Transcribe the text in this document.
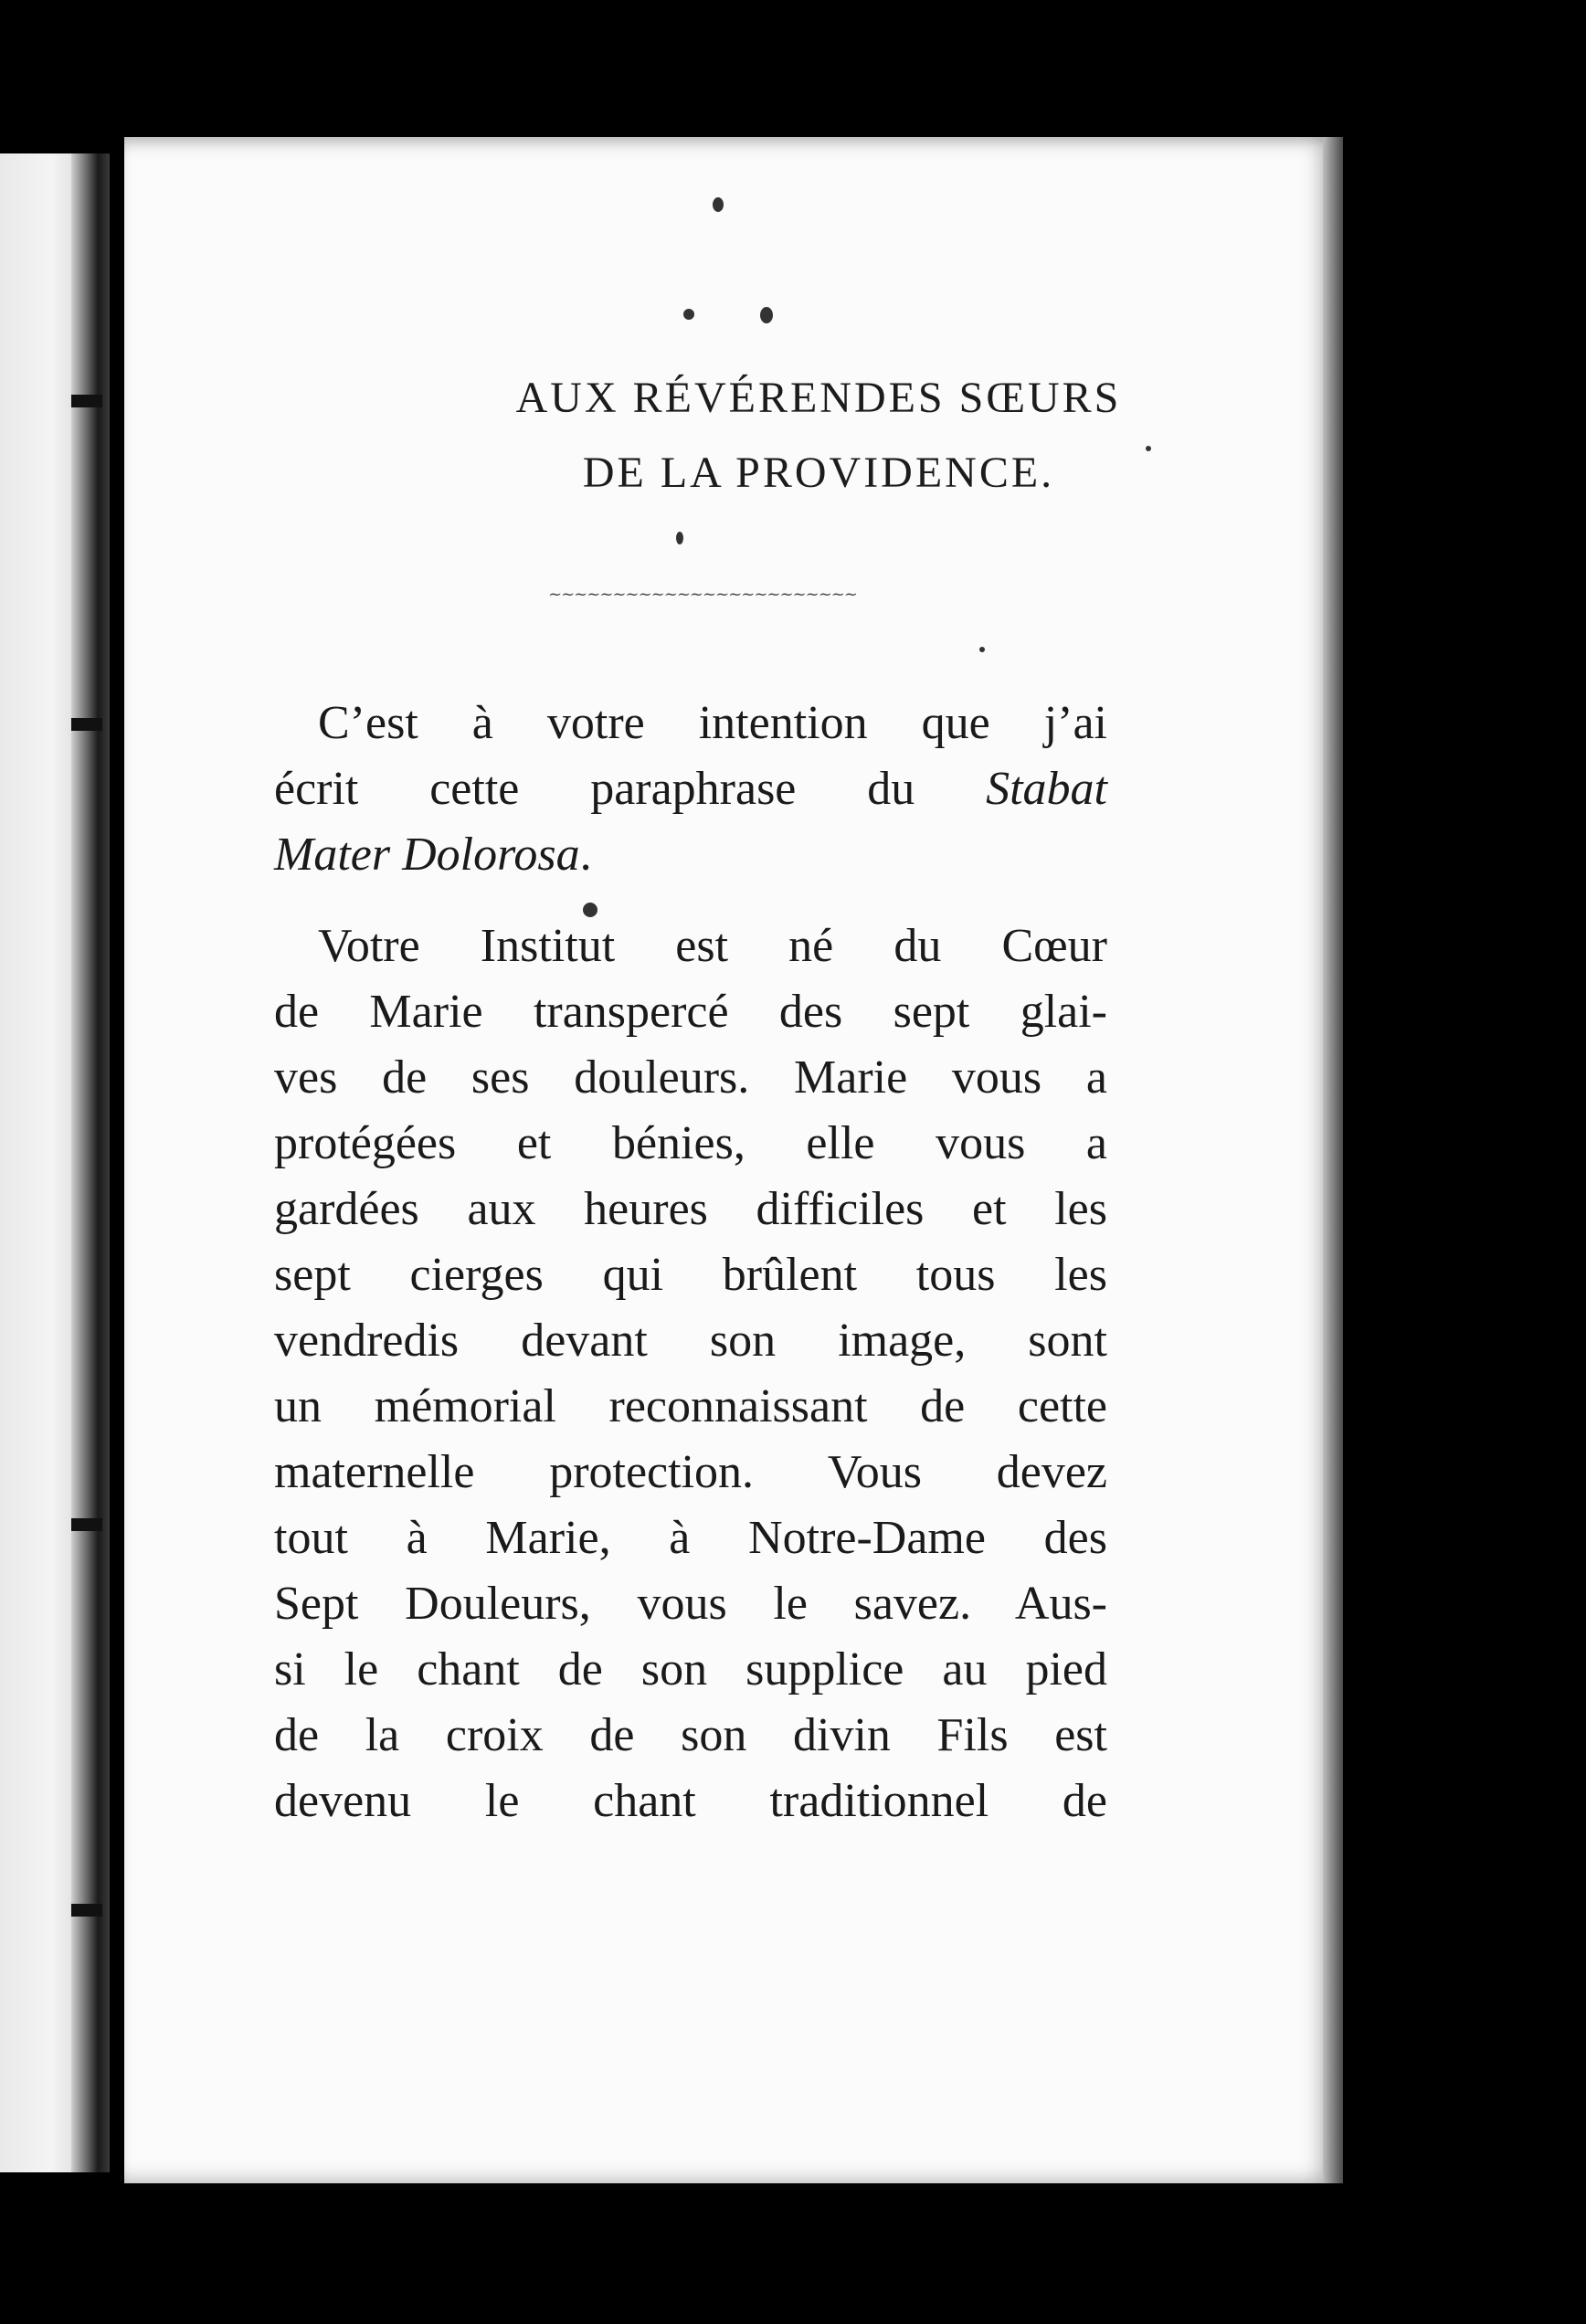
AUX RÉVÉRENDES SŒURS
DE LA PROVIDENCE.
~~~~~~~~~~~~~~~~~~~~~~~~
C’est à votre intention que j’ai
écrit cette paraphrase du Stabat
Mater Dolorosa.
Votre Institut est né du Cœur
de Marie transpercé des sept glai-
ves de ses douleurs. Marie vous a
protégées et bénies, elle vous a
gardées aux heures difficiles et les
sept cierges qui brûlent tous les
vendredis devant son image, sont
un mémorial reconnaissant de cette
maternelle protection. Vous devez
tout à Marie, à Notre-Dame des
Sept Douleurs, vous le savez. Aus-
si le chant de son supplice au pied
de la croix de son divin Fils est
devenu le chant traditionnel de
